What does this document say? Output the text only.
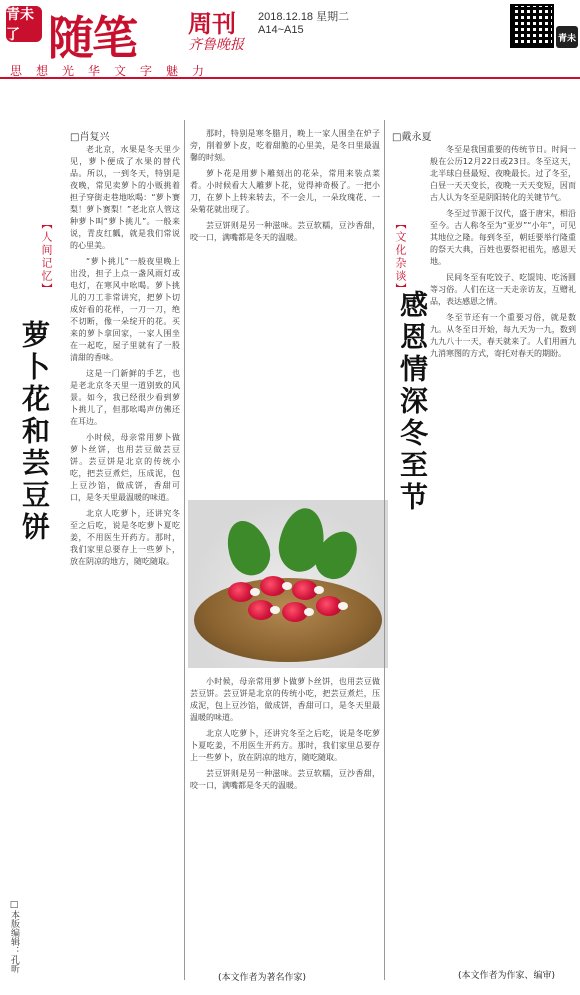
青未了 随笔 周刊
齐鲁晚报
2018.12.18 星期二
A14~A15
青未
思想光华文字魅力
【人间记忆】
萝卜花和芸豆饼
□肖复兴

老北京，水果是冬天里少见，萝卜便成了水果的替代品。所以，一到冬天，特别是夜晚，常见卖萝卜的小贩挑着担子穿街走巷地吆喝：“萝卜赛梨！萝卜赛梨！”老北京人管这种萝卜叫“萝卜挑儿”。一般来说，青皮红瓤，就是我们常说的心里美。

“萝卜挑儿”一般夜里晚上出没，担子上点一盏风雨灯或电灯，在寒风中吆喝。萝卜挑儿的刀工非常讲究，把萝卜切成好看的花样，一刀一刀，绝不切断，像一朵绽开的花。买来的萝卜拿回家，一家人围坐在一起吃，屋子里就有了一股清甜的香味。

这是一门新鲜的手艺，也是老北京冬天里一道别致的风景。如今，我已经很少看到萝卜挑儿了，但那吆喝声仿佛还在耳边。

小时候，母亲常用萝卜做萝卜丝饼，也用芸豆做芸豆饼。芸豆饼是北京的传统小吃，把芸豆煮烂，压成泥，包上豆沙馅，做成饼，香甜可口，是冬天里最温暖的味道。

北京人吃萝卜，还讲究冬至之后吃，说是冬吃萝卜夏吃姜，不用医生开药方。那时，我们家里总要存上一些萝卜，放在阴凉的地方，随吃随取。

□本版编辑：孔昕

那时，特别是寒冬腊月，晚上一家人围坐在炉子旁，削着萝卜皮，吃着甜脆的心里美，是冬日里最温馨的时刻。

萝卜花是用萝卜雕刻出的花朵，常用来装点菜肴。小时候看大人雕萝卜花，觉得神奇极了。一把小刀，在萝卜上转来转去，不一会儿，一朵玫瑰花、一朵菊花就出现了。

芸豆饼则是另一种滋味。芸豆软糯，豆沙香甜，咬一口，满嘴都是冬天的温暖。

小时候，母亲常用萝卜做萝卜丝饼，也用芸豆做芸豆饼。芸豆饼是北京的传统小吃，把芸豆煮烂，压成泥，包上豆沙馅，做成饼，香甜可口，是冬天里最温暖的味道。

北京人吃萝卜，还讲究冬至之后吃，说是冬吃萝卜夏吃姜，不用医生开药方。那时，我们家里总要存上一些萝卜，放在阴凉的地方，随吃随取。

芸豆饼则是另一种滋味。芸豆软糯，豆沙香甜，咬一口，满嘴都是冬天的温暖。

(本文作者为著名作家)
□戴永夏
【文化杂谈】
感恩情深冬至节

冬至是我国重要的传统节日。时间一般在公历12月22日或23日。冬至这天，北半球白昼最短、夜晚最长。过了冬至，白昼一天天变长，夜晚一天天变短，因而古人认为冬至是阴阳转化的关键节气。

冬至过节源于汉代，盛于唐宋，相沿至今。古人称冬至为“亚岁”“小年”，可见其地位之隆。每到冬至，朝廷要举行隆重的祭天大典，百姓也要祭祀祖先，感恩天地。

民间冬至有吃饺子、吃馄饨、吃汤圆等习俗。人们在这一天走亲访友，互赠礼品，表达感恩之情。

冬至节还有一个重要习俗，就是数九。从冬至日开始，每九天为一九，数到九九八十一天，春天就来了。人们用画九九消寒图的方式，寄托对春天的期盼。

(本文作者为作家、编审)
